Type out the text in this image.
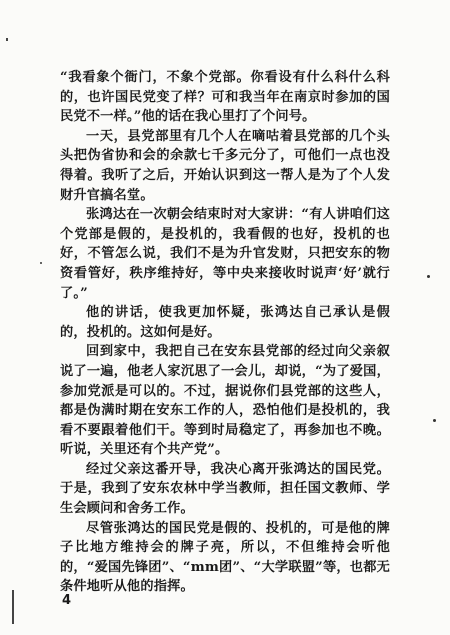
“我看象个衙门，不象个党部。你看设有什么科什么科的，也许国民党变了样？可和我当年在南京时参加的国民党不一样。”他的话在我心里打了个问号。

一天，县党部里有几个人在嘀咕着县党部的几个头头把伪省协和会的余款七千多元分了，可他们一点也没得着。我听了之后，开始认识到这一帮人是为了个人发财升官搞名堂。

张鸿达在一次朝会结束时对大家讲：“有人讲咱们这个党部是假的，是投机的，我看假的也好，投机的也好，不管怎么说，我们不是为升官发财，只把安东的物资看管好，秩序维持好，等中央来接收时说声‘好’就行了。”

他的讲话，使我更加怀疑，张鸿达自己承认是假的，投机的。这如何是好。

回到家中，我把自己在安东县党部的经过向父亲叙说了一遍，他老人家沉思了一会儿，却说，“为了爱国，参加党派是可以的。不过，据说你们县党部的这些人，都是伪满时期在安东工作的人，恐怕他们是投机的，我看不要跟着他们干。等到时局稳定了，再参加也不晚。听说，关里还有个共产党”。

经过父亲这番开导，我决心离开张鸿达的国民党。于是，我到了安东农林中学当教师，担任国文教师、学生会顾问和舍务工作。

尽管张鸿达的国民党是假的、投机的，可是他的牌子比地方维持会的牌子亮，所以，不但维持会听他的，“爱国先锋团”、“mm团”、“大学联盟”等，也都无条件地听从他的指挥。

4
